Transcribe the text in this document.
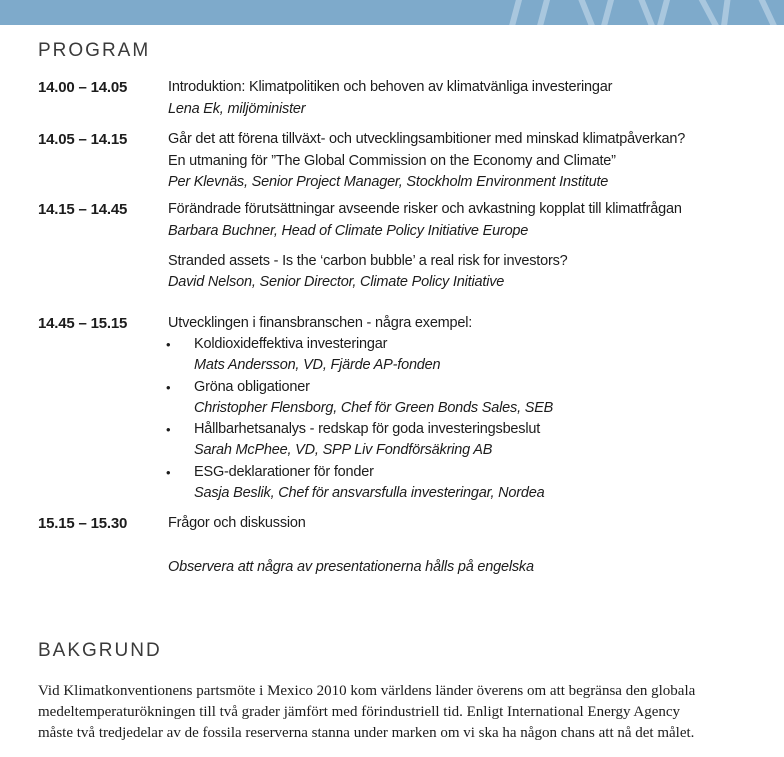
PROGRAM
14.00 – 14.05	Introduktion: Klimatpolitiken och behoven av klimatvänliga investeringar
Lena Ek, miljöminister
14.05 – 14.15	Går det att förena tillväxt- och utvecklingsambitioner med minskad klimatpåverkan?
En utmaning för ”The Global Commission on the Economy and Climate”
Per Klevnäs, Senior Project Manager, Stockholm Environment Institute
14.15 – 14.45	Förändrade förutsättningar avseende risker och avkastning kopplat till klimatfrågan
Barbara Buchner, Head of Climate Policy Initiative Europe
Stranded assets - Is the ‘carbon bubble’ a real risk for investors?
David Nelson, Senior Director, Climate Policy Initiative
14.45 – 15.15	Utvecklingen i finansbranschen - några exempel:
• Koldioxideffektiva investeringar
Mats Andersson, VD, Fjärde AP-fonden
• Gröna obligationer
Christopher Flensborg, Chef för Green Bonds Sales, SEB
• Hållbarhetsanalys - redskap för goda investeringsbeslut
Sarah McPhee, VD, SPP Liv Fondförsäkring AB
• ESG-deklarationer för fonder
Sasja Beslik, Chef för ansvarsfulla investeringar, Nordea
15.15 – 15.30	Frågor och diskussion
Observera att några av presentationerna hålls på engelska
BAKGRUND
Vid Klimatkonventionens partsmöte i Mexico 2010 kom världens länder överens om att begränsa den globala
medeltemperaturökningen till två grader jämfört med förindustriell tid. Enligt International Energy Agency
måste två tredjedelar av de fossila reserverna stanna under marken om vi ska ha någon chans att nå det målet.
